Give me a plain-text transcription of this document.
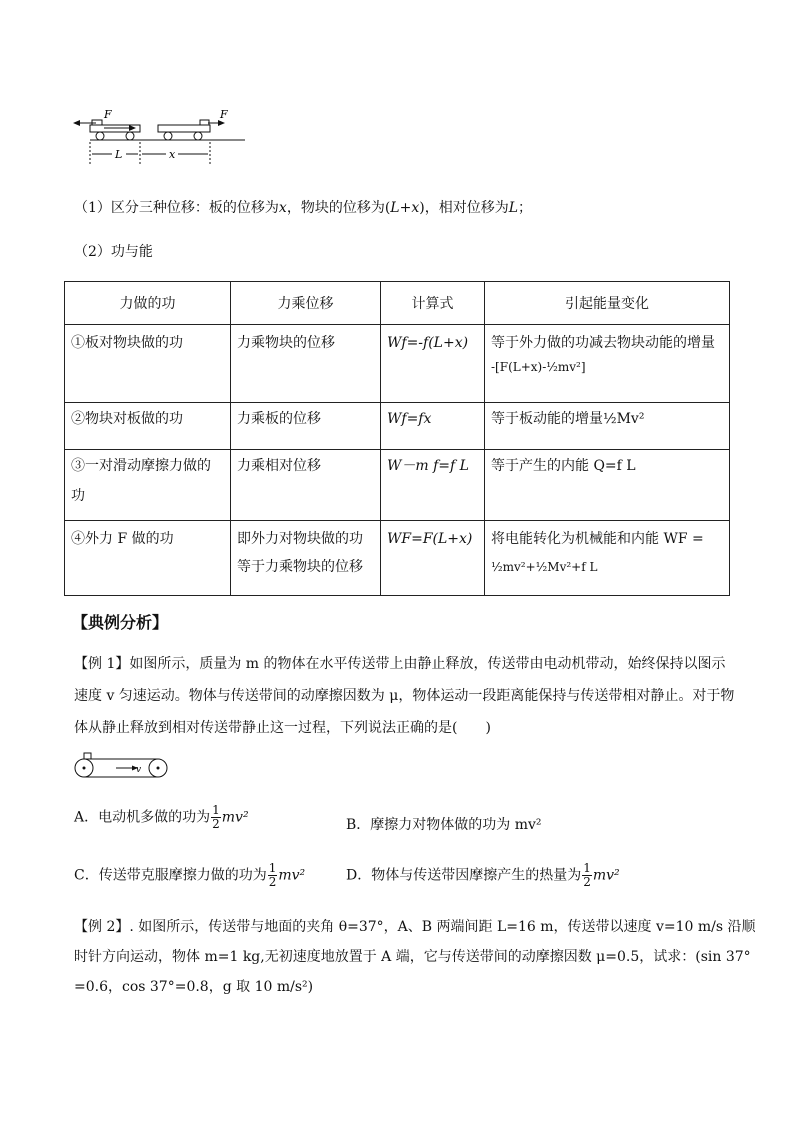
F	F
L	x
（1）区分三种位移：板的位移为x，物块的位移为(L+x)，相对位移为L；
（2）功与能
力做的功	力乘位移	计算式	引起能量变化

①板对物块做的功	力乘物块的位移	Wf=-f(L+x)	等于外力做的功减去物块动能的增量
-[F(L+x)-½mv²]

②物块对板做的功	力乘板的位移	Wf=fx	等于板动能的增量½Mv²

③一对滑动摩擦力做的
功	力乘相对位移	W－m f=f L	等于产生的内能 Q=f L

④外力 F 做的功	即外力对物块做的功
等于力乘物块的位移	WF=F(L+x)	将电能转化为机械能和内能 WF =
½mv²+½Mv²+f L
【典例分析】
【例 1】如图所示，质量为 m 的物体在水平传送带上由静止释放，传送带由电动机带动，始终保持以图示
速度 v 匀速运动。物体与传送带间的动摩擦因数为 μ，物体运动一段距离能保持与传送带相对静止。对于物
体从静止释放到相对传送带静止这一过程，下列说法正确的是(　　)
v
A．电动机多做的功为 $\frac{1}{2} mv^2$	B．摩擦力对物体做的功为 mv²
C．传送带克服摩擦力做的功为 $\frac{1}{2} mv^2$	D．物体与传送带因摩擦产生的热量为 $\frac{1}{2} mv^2$
【例 2】. 如图所示，传送带与地面的夹角 θ=37°，A、B 两端间距 L=16 m，传送带以速度 v=10 m/s 沿顺
时针方向运动，物体 m=1 kg,无初速度地放置于 A 端，它与传送带间的动摩擦因数 μ=0.5，试求：(sin 37°
=0.6，cos 37°=0.8，g 取 10 m/s²)
